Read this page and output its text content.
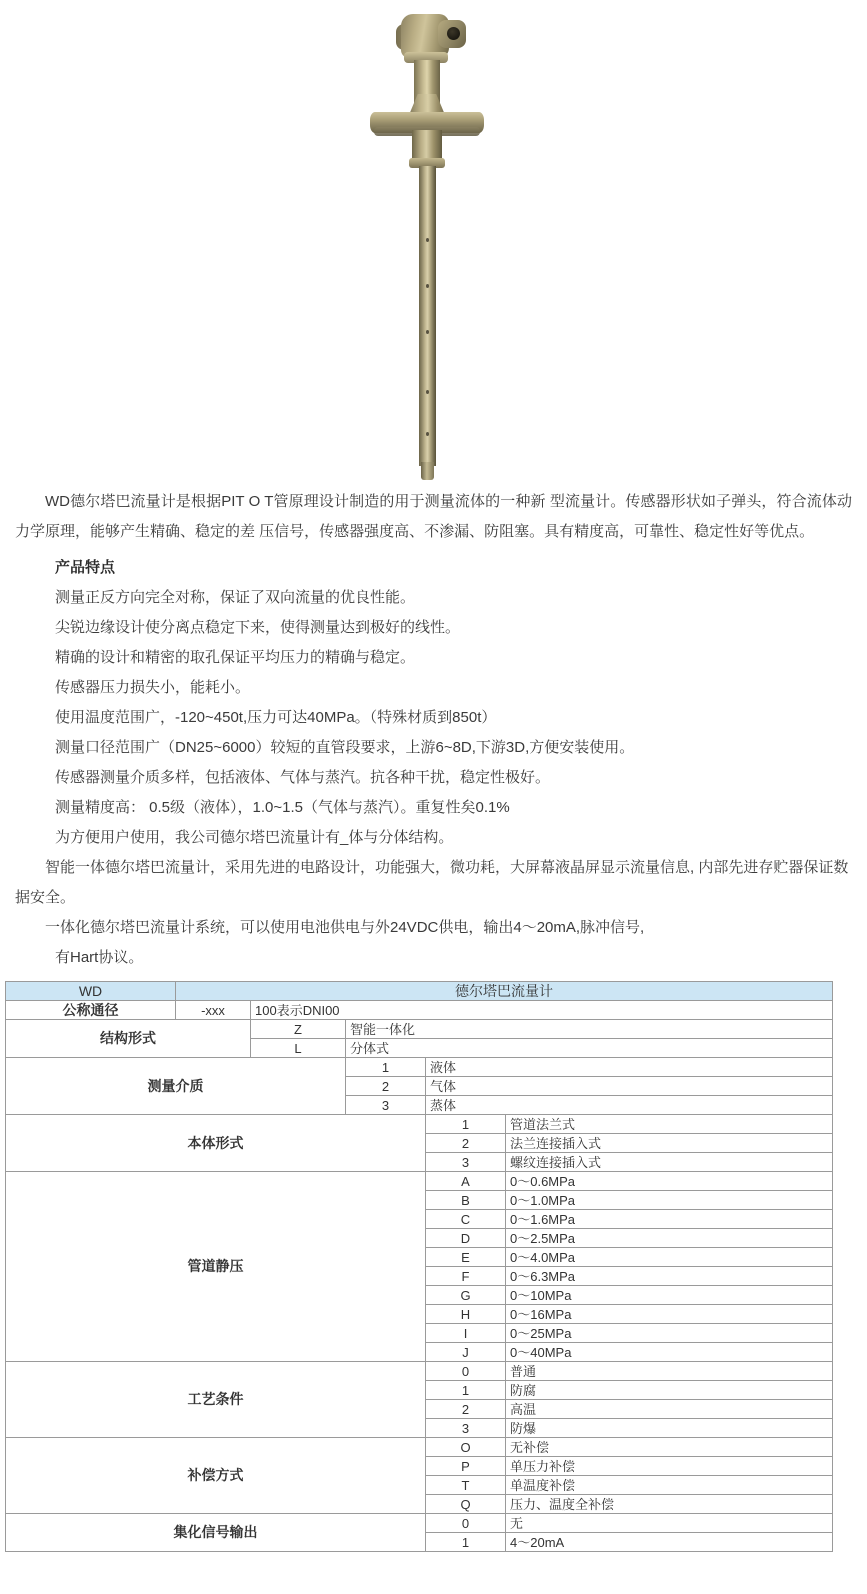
WD德尔塔巴流量计是根据PIT O T管原理设计制造的用于测量流体的一种新 型流量计。传感器形状如子弹头，符合流体动力学原理，能够产生精确、稳定的差 压信号，传感器强度高、不渗漏、防阻塞。具有精度高，可靠性、稳定性好等优点。

产品特点

测量正反方向完全对称，保证了双向流量的优良性能。

尖锐边缘设计使分离点稳定下来，使得测量达到极好的线性。

精确的设计和精密的取孔保证平均压力的精确与稳定。

传感器压力损失小，能耗小。

使用温度范围广，-120~450t,压力可达40MPa。（特殊材质到850t）

测量口径范围广（DN25~6000）较短的直管段要求，上游6~8D,下游3D,方便安装使用。

传感器测量介质多样，包括液体、气体与蒸汽。抗各种干扰，稳定性极好。

测量精度高： 0.5级（液体），1.0~1.5（气体与蒸汽）。重复性矣0.1%

为方便用户使用，我公司德尔塔巴流量计有_体与分体结构。

智能一体德尔塔巴流量计，采用先进的电路设计，功能强大，微功耗，大屏幕液晶屏显示流量信息, 内部先进存贮器保证数据安全。

一体化德尔塔巴流量计系统，可以使用电池供电与外24VDC供电，输出4～20mA,脉冲信号,

有Hart协议。

WD	德尔塔巴流量计				
公称通径	-xxx	100表示DNI00			
结构形式		Z	智能一体化		
		L	分体式		
测量介质			1	液体	
			2	气体	
			3	蒸体	
本体形式				1	管道法兰式
				2	法兰连接插入式
				3	螺纹连接插入式
管道静压				A	0～0.6MPa
				B	0～1.0MPa
				C	0～1.6MPa
				D	0～2.5MPa
				E	0～4.0MPa
				F	0～6.3MPa
				G	0～10MPa
				H	0～16MPa
				I	0～25MPa
				J	0～40MPa
工艺条件				0	普通
				1	防腐
				2	高温
				3	防爆
补偿方式				O	无补偿
				P	单压力补偿
				T	单温度补偿
				Q	压力、温度全补偿
集化信号输出				0	无
				1	4～20mA
